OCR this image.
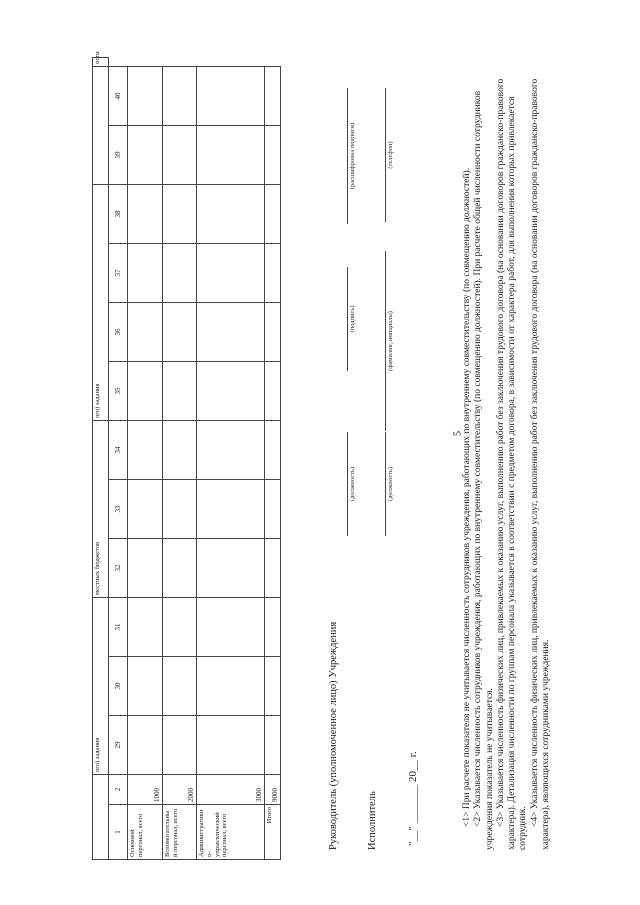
5
		ого) задания			местных бюджетов			ого) задания						ости
1	2	29	30	31	32	33	34	35	36	37	38	39	40	
Основной персонал, всего	1000													
Вспомогательны й персонал, всего	2000													
Административн о-управленческий персонал, всего	3000													
Итого	9000														Руководитель (уполномоченное лицо) Учреждения
(должность)
(подпись)
(расшифровка подписи)
Исполнитель
(должность)
(фамилия, инициалы)
(телефон)
"__" _______ 20__ г.	<1> При расчете показателя не учитывается численность сотрудников учреждения, работающих по внутреннему совместительству (по совмещению должностей). <2> Указывается численность сотрудников учреждения, работающих по внутреннему совместительству (по совмещению должностей). При расчете общей численности сотрудников учреждения показатель не учитывается. <3> Указывается численность физических лиц, привлекаемых к оказанию услуг, выполнению работ без заключения трудового договора (на основании договоров гражданско-правового характера). Детализация численности по группам персонала указывается в соответствии с предметом договора, в зависимости от характера работ, для выполнения которых привлекается сотрудник.

<4> Указывается численность физических лиц, привлекаемых к оказанию услуг, выполнению работ без заключения трудового договора (на основании договоров гражданско-правового характера), являющихся сотрудниками учреждения.
